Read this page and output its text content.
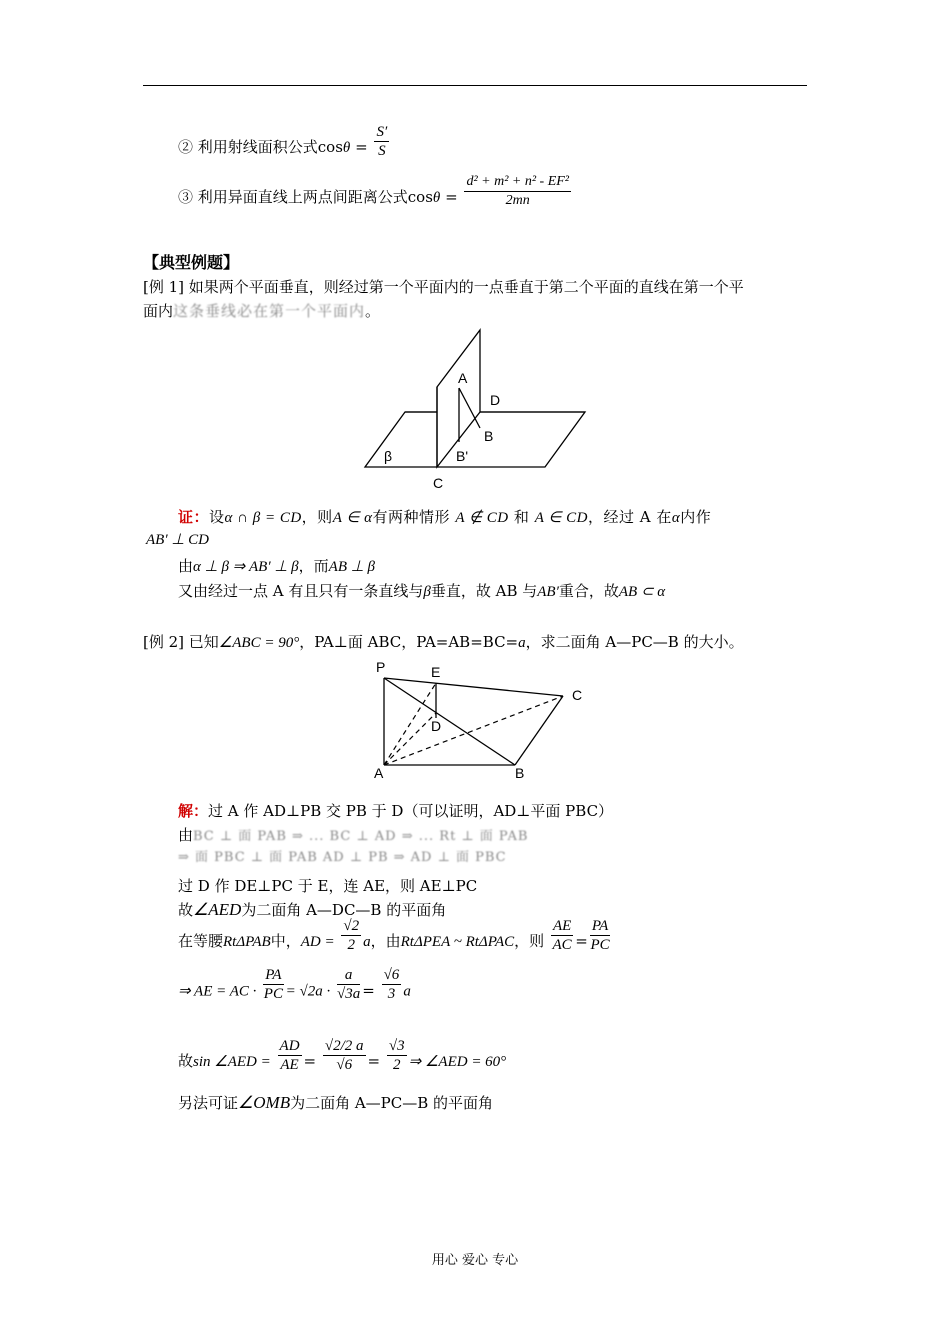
② 利用射线面积公式$\cos\theta = \frac{S'}{S}$
③ 利用异面直线上两点间距离公式$\cos\theta = \frac{\text{d² + m² + n² - EF²}}{2mn}$
【典型例题】
[例 1] 如果两个平面垂直，则经过第一个平面内的一点垂直于第二个平面的直线在第一个平
面内这条垂线必在第一个平面内。
A
D
B
β	B'
C
证：设α ∩ β = CD，则A ∈ α有两种情形 A ∉ CD 和 A ∈ CD，经过 A 在α内作
AB′ ⊥ CD
由α ⊥ β ⇒ AB′ ⊥ β，而AB ⊥ β
又由经过一点 A 有且只有一条直线与β垂直，故 AB 与AB′重合，故AB ⊂ α
[例 2] 已知∠ABC = 90°，PA⊥面 ABC，PA=AB=BC=a，求二面角 A—PC—B 的大小。
P	E
C
D
A	B
解：过 A 作 AD⊥PB 交 PB 于 D（可以证明，AD⊥平面 PBC）
由BC ⊥ 面 PAB ⇒ ... BC ⊥ AD ⇒ ... Rt ⊥ 面 PAB
⇒ 面 PBC ⊥ 面 PAB AD ⊥ PB ⇒ AD ⊥ 面 PBC
过 D 作 DE⊥PC 于 E，连 AE，则 AE⊥PC
故∠AED为二面角 A—DC—B 的平面角
在等腰RtΔPAB中，AD = $\frac{√2}{2}$ a，由RtΔPEA ~ RtΔPAC，则 $\frac{AE}{AC} = \frac{PA}{PC}$
⇒ AE = AC · $\frac{PA}{PC} = √2a \cdot \frac{a}{√3a} = \frac{√6}{3}$ a
故sin ∠AED = $\frac{AD}{AE} = \frac{√2/2 a}{√6} = \frac{√3}{2}$ ⇒ ∠AED = 60°
另法可证∠OMB为二面角 A—PC—B 的平面角
用心 爱心 专心
